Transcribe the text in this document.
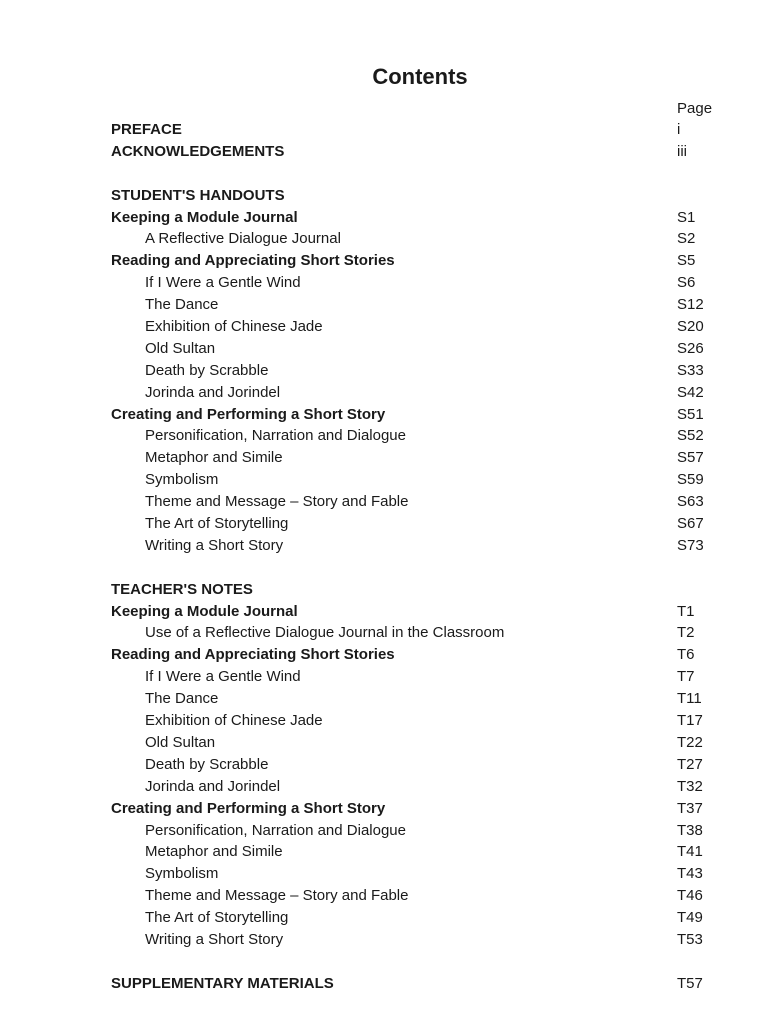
Contents
Page
PREFACE	i
ACKNOWLEDGEMENTS	iii
STUDENT'S HANDOUTS
Keeping a Module Journal	S1
A Reflective Dialogue Journal	S2
Reading and Appreciating Short Stories	S5
If I Were a Gentle Wind	S6
The Dance	S12
Exhibition of Chinese Jade	S20
Old Sultan	S26
Death by Scrabble	S33
Jorinda and Jorindel	S42
Creating and Performing a Short Story	S51
Personification, Narration and Dialogue	S52
Metaphor and Simile	S57
Symbolism	S59
Theme and Message – Story and Fable	S63
The Art of Storytelling	S67
Writing a Short Story	S73
TEACHER'S NOTES
Keeping a Module Journal	T1
Use of a Reflective Dialogue Journal in the Classroom	T2
Reading and Appreciating Short Stories	T6
If I Were a Gentle Wind	T7
The Dance	T11
Exhibition of Chinese Jade	T17
Old Sultan	T22
Death by Scrabble	T27
Jorinda and Jorindel	T32
Creating and Performing a Short Story	T37
Personification, Narration and Dialogue	T38
Metaphor and Simile	T41
Symbolism	T43
Theme and Message – Story and Fable	T46
The Art of Storytelling	T49
Writing a Short Story	T53
SUPPLEMENTARY MATERIALS	T57
